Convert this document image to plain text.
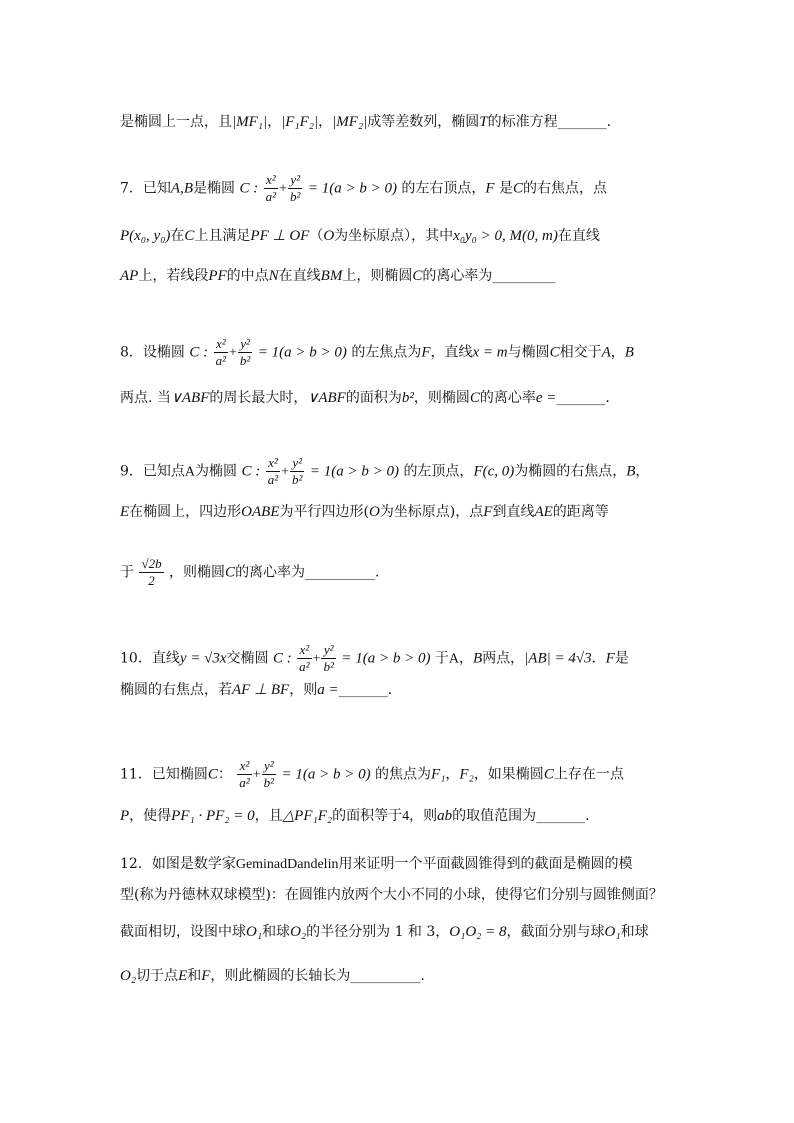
是椭圆上一点，且|MF₁|，|F₁F₂|，|MF₂|成等差数列，椭圆T的标准方程_______.
7．已知A,B是椭圆 C : $\frac{\text{x²}}{\text{a²}} + \frac{\text{y²}}{\text{b²}} = 1(a > b > 0)$ 的左右顶点，F 是C的右焦点，点
P(x₀, y₀)在C上且满足PF ⊥ OF（O为坐标原点），其中x₀y₀ > 0, M(0, m)在直线
AP上，若线段PF的中点N在直线BM上，则椭圆C的离心率为_________
8．设椭圆 C : $\frac{\text{x²}}{\text{a²}} + \frac{\text{y²}}{\text{b²}} = 1(a > b > 0)$ 的左焦点为F，直线x = m与椭圆C相交于A，B
两点. 当∨ABF的周长最大时，∨ABF的面积为b²，则椭圆C的离心率e =_______.
9．已知点A为椭圆 C : $\frac{\text{x²}}{\text{a²}} + \frac{\text{y²}}{\text{b²}} = 1(a > b > 0)$ 的左顶点，F(c, 0)为椭圆的右焦点，B，
E在椭圆上，四边形OABE为平行四边形(O为坐标原点)，点F到直线AE的距离等
于 $\frac{√2b}{2}$ ，则椭圆C的离心率为__________.
10．直线y = √3x交椭圆 C : $\frac{\text{x²}}{\text{a²}} + \frac{\text{y²}}{\text{b²}} = 1(a > b > 0)$ 于A，B两点，|AB| = 4√3．F是
椭圆的右焦点，若AF ⊥ BF，则a =_______.
11．已知椭圆C： $\frac{\text{x²}}{\text{a²}} + \frac{\text{y²}}{\text{b²}} = 1(a > b > 0)$ 的焦点为F₁，F₂，如果椭圆C上存在一点
P，使得PF₁ · PF₂ = 0，且△PF₁F₂的面积等于4，则ab的取值范围为_______.
12．如图是数学家GeminadDandelin用来证明一个平面截圆锥得到的截面是椭圆的模
型(称为丹德林双球模型)：在圆锥内放两个大小不同的小球，使得它们分别与圆锥侧面？
截面相切，设图中球O₁和球O₂的半径分别为 1 和 3，O₁O₂ = 8，截面分别与球O₁和球
O₂切于点E和F，则此椭圆的长轴长为__________.
